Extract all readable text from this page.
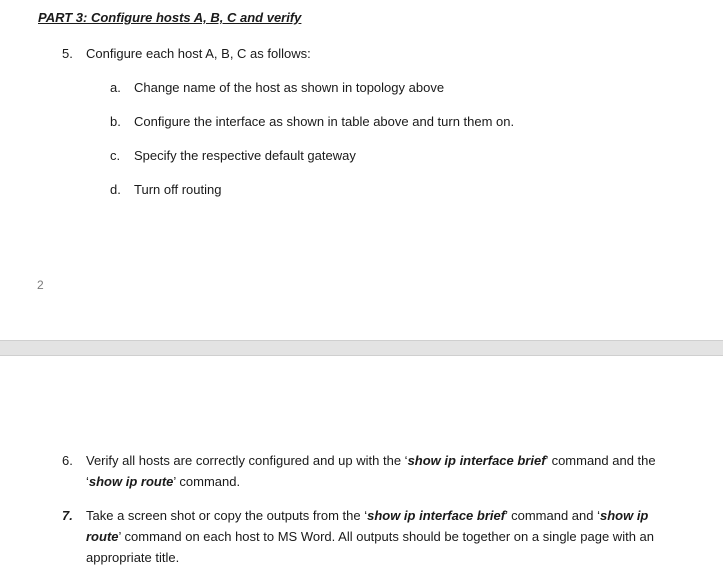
PART 3: Configure hosts A, B, C and verify
5. Configure each host A, B, C as follows:
a. Change name of the host as shown in topology above
b. Configure the interface as shown in table above and turn them on.
c. Specify the respective default gateway
d. Turn off routing
2
6. Verify all hosts are correctly configured and up with the ‘show ip interface brief’ command and the ‘show ip route’ command.
7. Take a screen shot or copy the outputs from the ‘show ip interface brief’ command and ‘show ip route’ command on each host to MS Word. All outputs should be together on a single page with an appropriate title.
